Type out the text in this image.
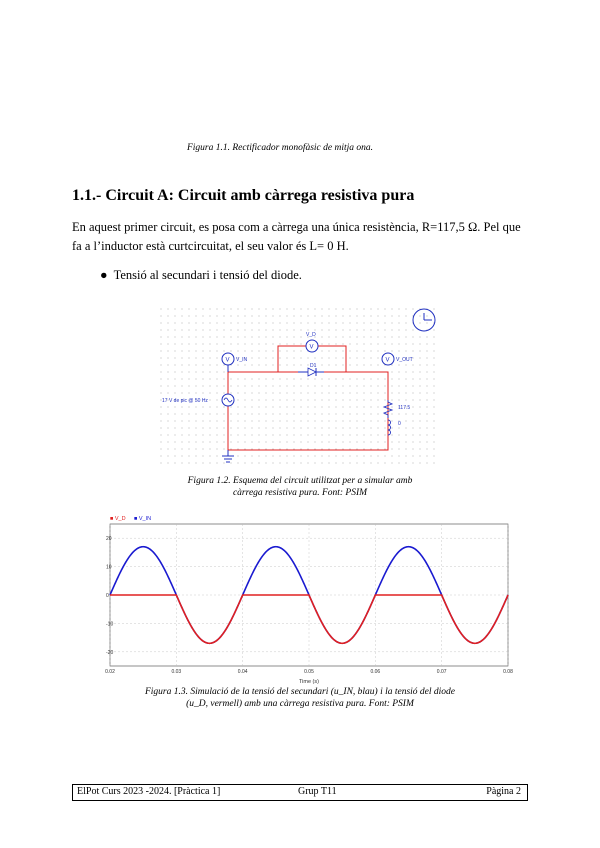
Figura 1.1. Rectificador monofàsic de mitja ona.
1.1.- Circuit A: Circuit amb càrrega resistiva pura
En aquest primer circuit, es posa com a càrrega una única resistència, R=117,5 Ω. Pel que fa a l’inductor està curtcircuitat, el seu valor és L= 0 H.
● Tensió al secundari i tensió del diode.
17 V de pic @ 50 Hz
V V_IN
V
V_D
D1
V V_OUT
117.5
0
Figura 1.2. Esquema del circuit utilitzat per a simular amb
càrrega resistiva pura. Font: PSIM
■ V_D ■ V_IN
20
10
0
-10
-20
0.02	0.03	0.04	0.05	0.06	0.07	0.08
Time (s)
Figura 1.3. Simulació de la tensió del secundari (u_IN, blau) i la tensió del diode
(u_D, vermell) amb una càrrega resistiva pura. Font: PSIM
ElPot Curs 2023 -2024. [Pràctica 1]	Grup T11	Pàgina 2
